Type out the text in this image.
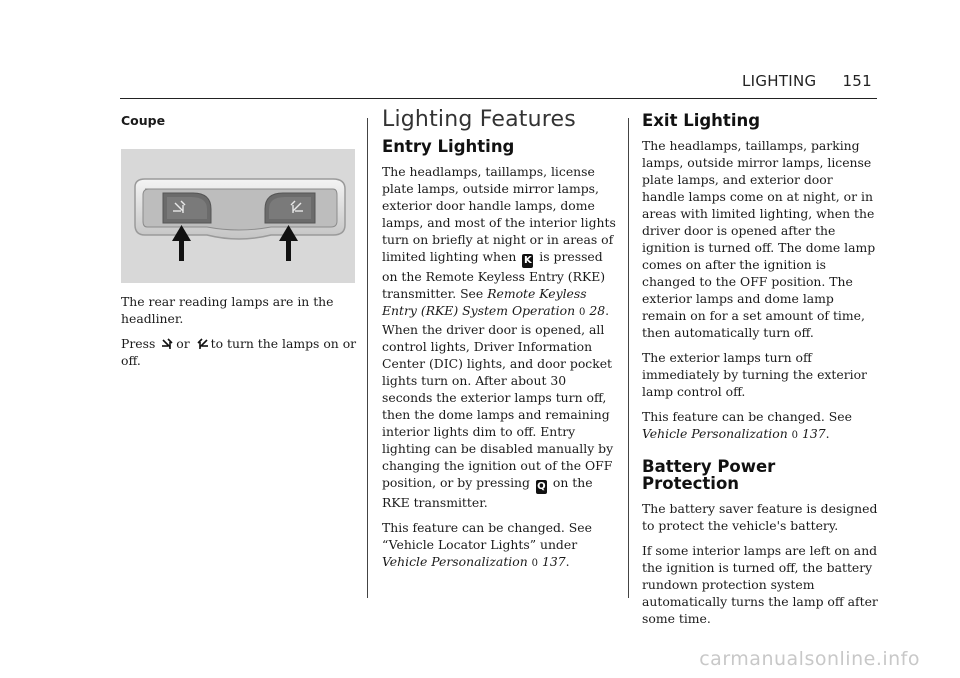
LIGHTING 151
Coupe

The rear reading lamps are in the headliner.

Press or to turn the lamps on or off.

Lighting Features
Entry Lighting

The headlamps, taillamps, license plate lamps, outside mirror lamps, exterior door handle lamps, dome lamps, and most of the interior lights turn on briefly at night or in areas of limited lighting when K is pressed on the Remote Keyless Entry (RKE) transmitter. See Remote Keyless Entry (RKE) System Operation 0 28. When the driver door is opened, all control lights, Driver Information Center (DIC) lights, and door pocket lights turn on. After about 30 seconds the exterior lamps turn off, then the dome lamps and remaining interior lights dim to off. Entry lighting can be disabled manually by changing the ignition out of the OFF position, or by pressing Q on the RKE transmitter.

This feature can be changed. See “Vehicle Locator Lights” under Vehicle Personalization 0 137.

Exit Lighting

The headlamps, taillamps, parking lamps, outside mirror lamps, license plate lamps, and exterior door handle lamps come on at night, or in areas with limited lighting, when the driver door is opened after the ignition is turned off. The dome lamp comes on after the ignition is changed to the OFF position. The exterior lamps and dome lamp remain on for a set amount of time, then automatically turn off.

The exterior lamps turn off immediately by turning the exterior lamp control off.

This feature can be changed. See Vehicle Personalization 0 137.

Battery Power Protection

The battery saver feature is designed to protect the vehicle's battery.

If some interior lamps are left on and the ignition is turned off, the battery rundown protection system automatically turns the lamp off after some time.

carmanualsonline.info
